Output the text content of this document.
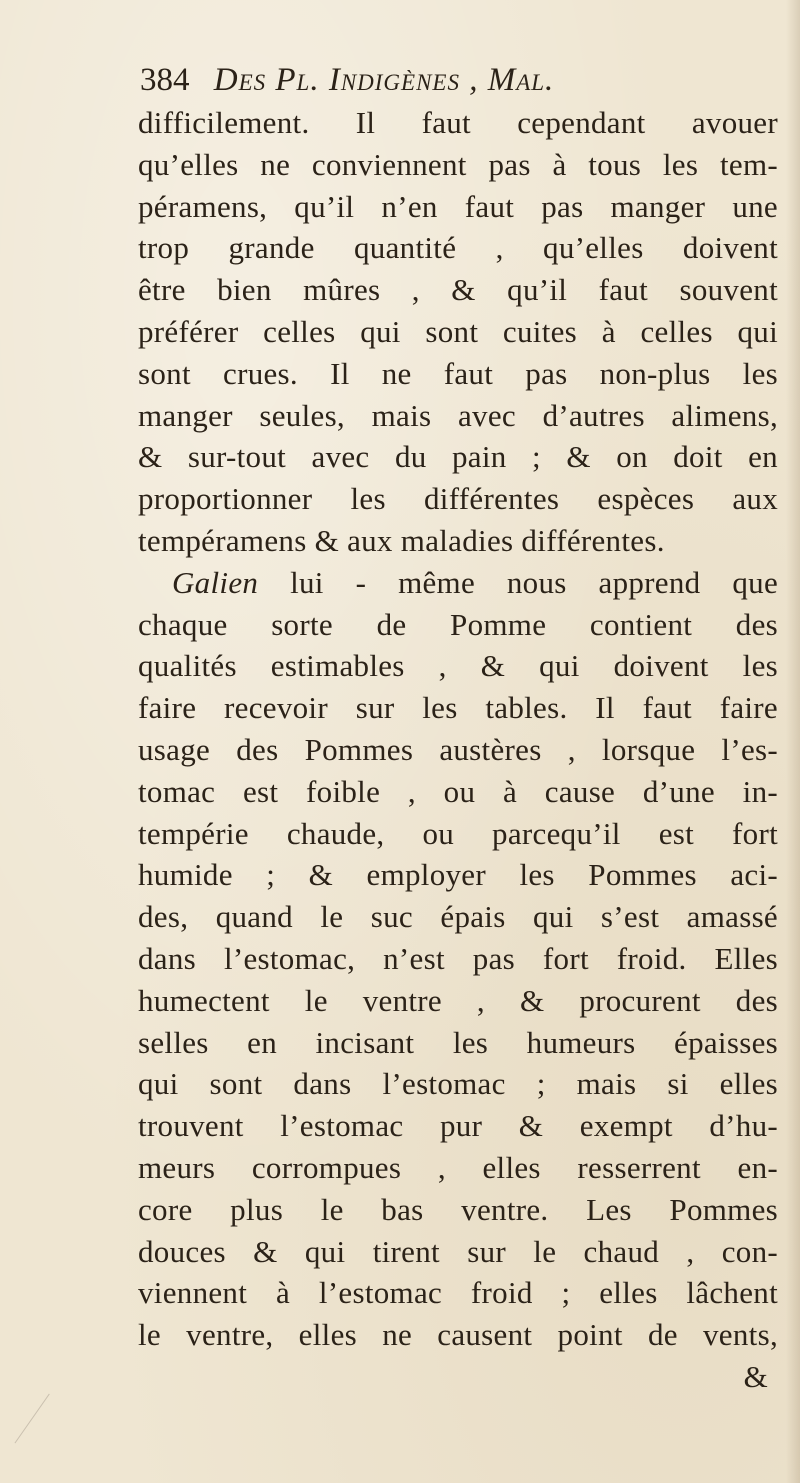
384 Des Pl. Indigènes , Mal.
difficilement. Il faut cependant avouer
qu’elles ne conviennent pas à tous les tem-
péramens, qu’il n’en faut pas manger une
trop grande quantité , qu’elles doivent
être bien mûres , & qu’il faut souvent
préférer celles qui sont cuites à celles qui
sont crues. Il ne faut pas non-plus les
manger seules, mais avec d’autres alimens,
& sur-tout avec du pain ; & on doit en
proportionner les différentes espèces aux
tempéramens & aux maladies différentes.
Galien lui - même nous apprend que
chaque sorte de Pomme contient des
qualités estimables , & qui doivent les
faire recevoir sur les tables. Il faut faire
usage des Pommes austères , lorsque l’es-
tomac est foible , ou à cause d’une in-
tempérie chaude, ou parcequ’il est fort
humide ; & employer les Pommes aci-
des, quand le suc épais qui s’est amassé
dans l’estomac, n’est pas fort froid. Elles
humectent le ventre , & procurent des
selles en incisant les humeurs épaisses
qui sont dans l’estomac ; mais si elles
trouvent l’estomac pur & exempt d’hu-
meurs corrompues , elles resserrent en-
core plus le bas ventre. Les Pommes
douces & qui tirent sur le chaud , con-
viennent à l’estomac froid ; elles lâchent
le ventre, elles ne causent point de vents,
&
